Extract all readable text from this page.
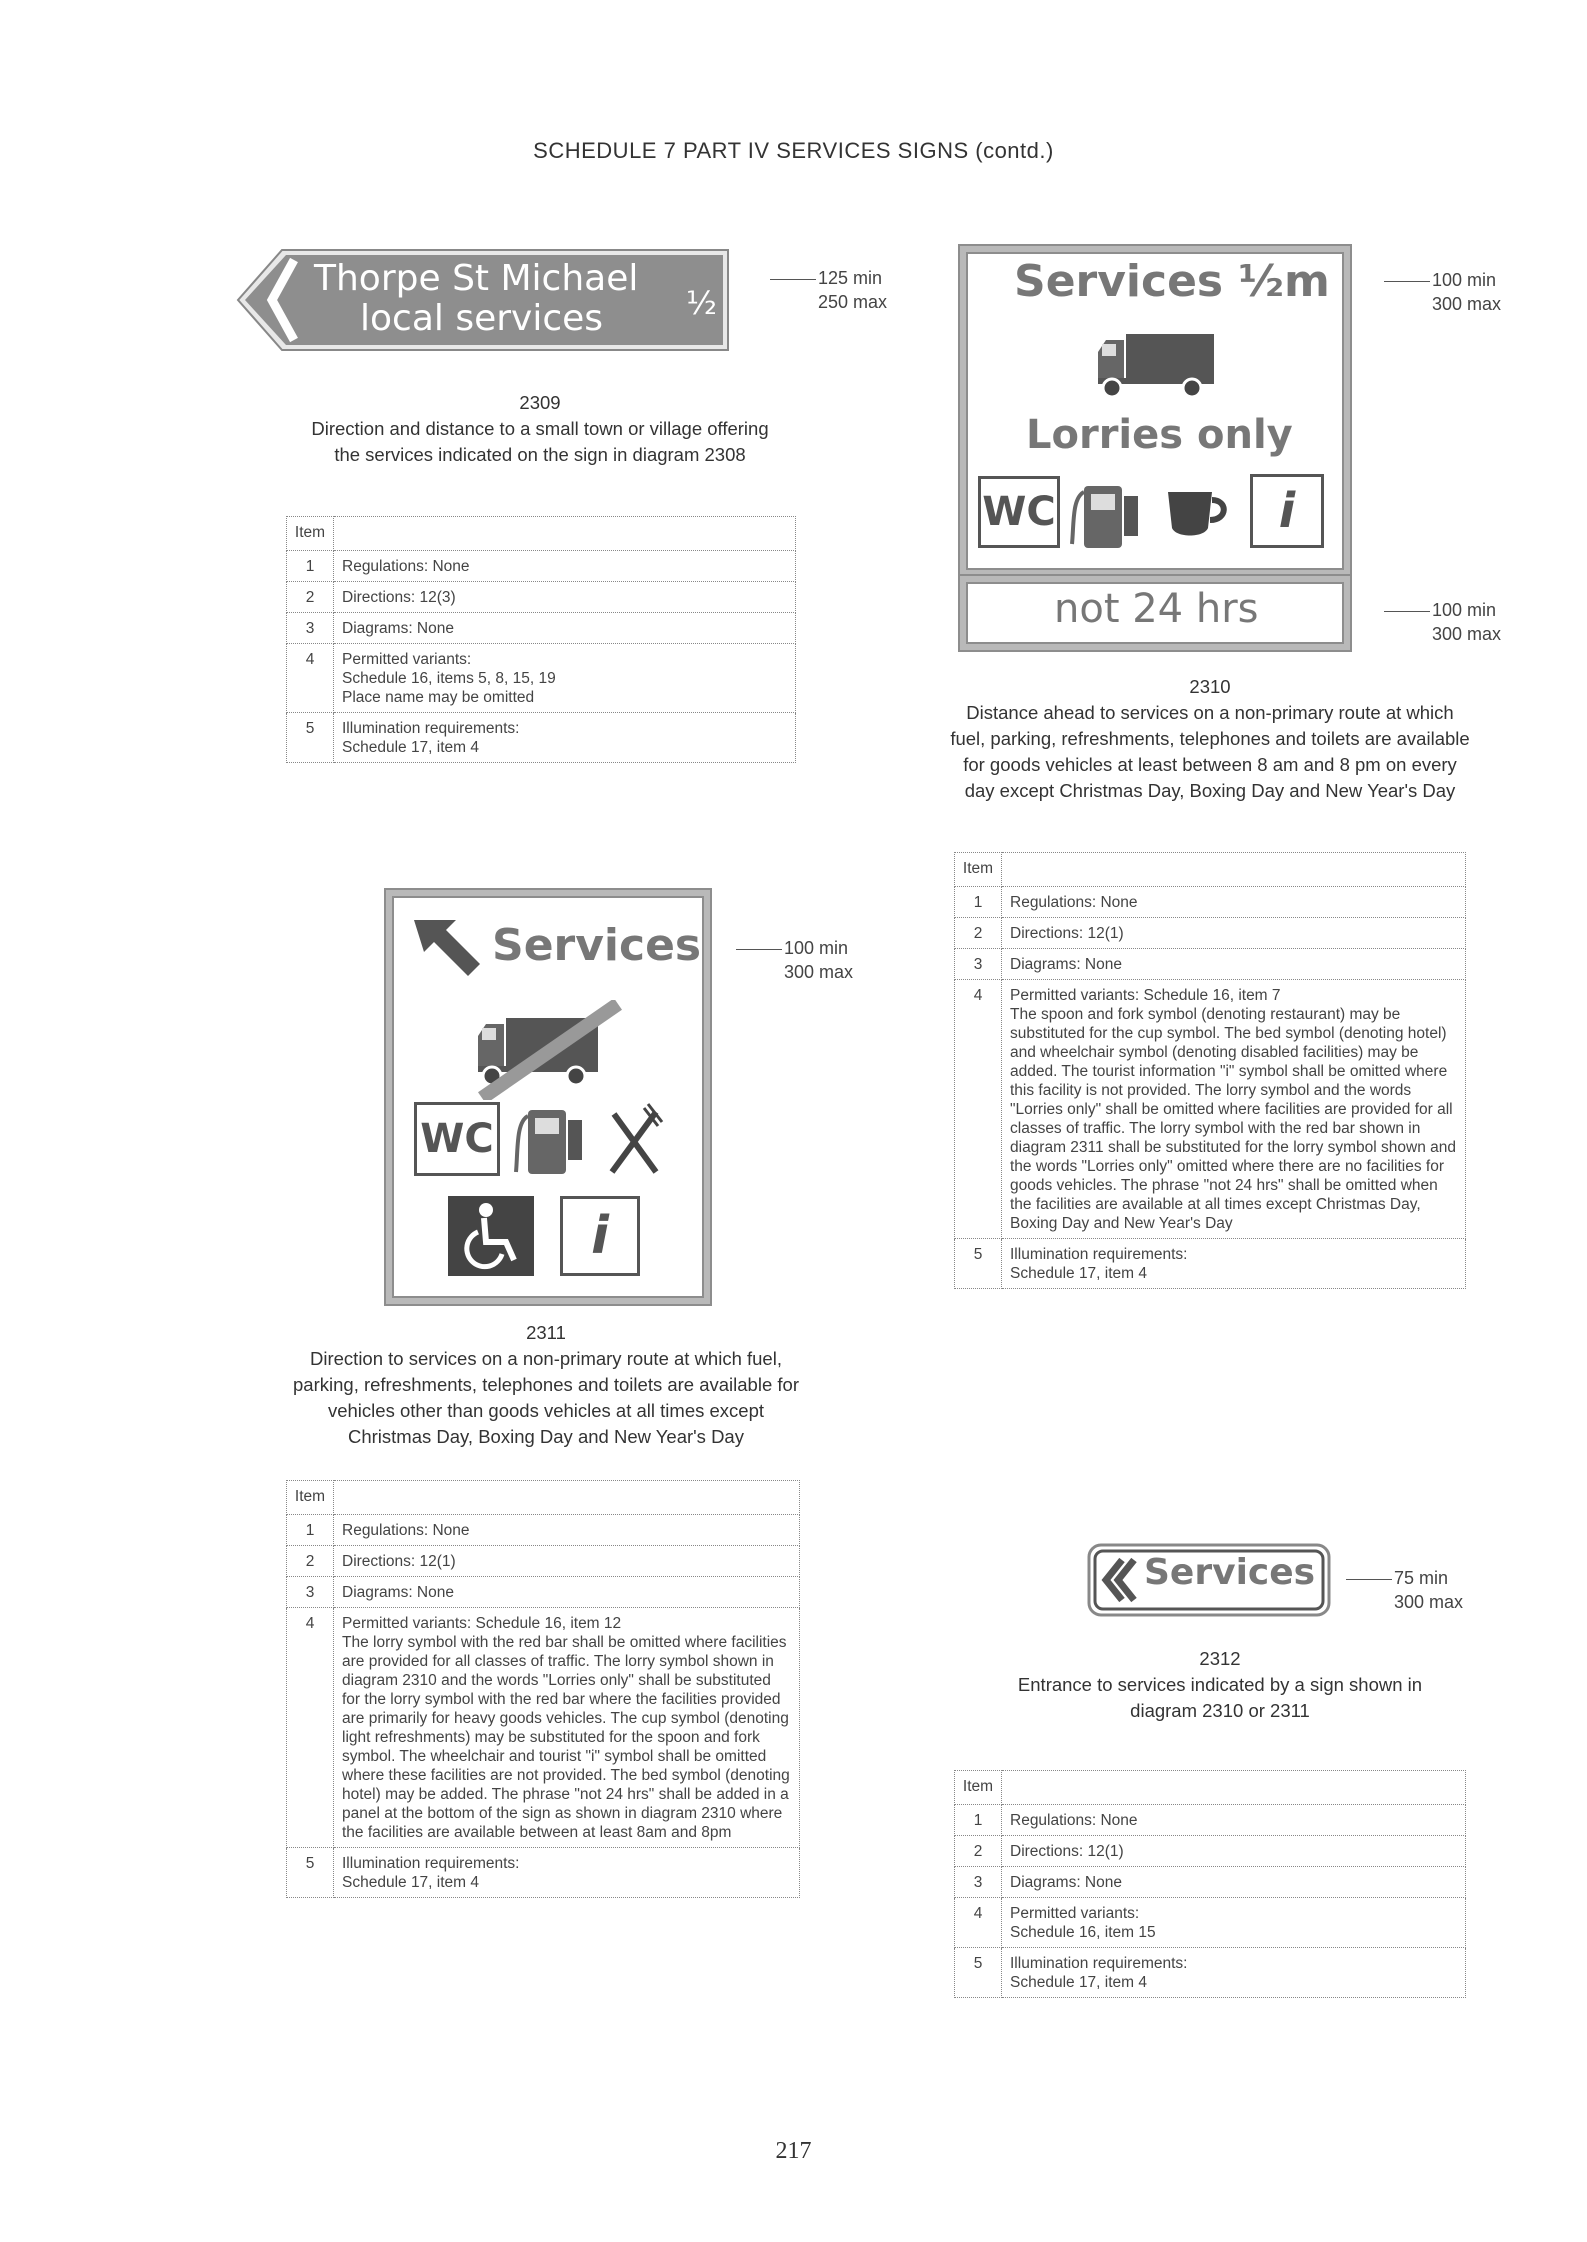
SCHEDULE 7 PART IV SERVICES SIGNS (contd.)
Thorpe St Michael
local services	½
125 min
250 max
2309
Direction and distance to a small town or village offering the services indicated on the sign in diagram 2308
Item	
1	Regulations: None
2	Directions: 12(3)
3	Diagrams: None
4	Permitted variants:
Schedule 16, items 5, 8, 15, 19
Place name may be omitted
5	Illumination requirements:
Schedule 17, item 4
Services ½m
Lorries only
WC	i
not 24 hrs
100 min
300 max
100 min
300 max
2310
Distance ahead to services on a non-primary route at which fuel, parking, refreshments, telephones and toilets are available for goods vehicles at least between 8 am and 8 pm on every day except Christmas Day, Boxing Day and New Year's Day
Item	
1	Regulations: None
2	Directions: 12(1)
3	Diagrams: None
4	Permitted variants: Schedule 16, item 7
The spoon and fork symbol (denoting restaurant) may be substituted for the cup symbol. The bed symbol (denoting hotel) and wheelchair symbol (denoting disabled facilities) may be added. The tourist information "i" symbol shall be omitted where this facility is not provided. The lorry symbol and the words "Lorries only" shall be omitted where facilities are provided for all classes of traffic. The lorry symbol with the red bar shown in diagram 2311 shall be substituted for the lorry symbol shown and the words "Lorries only" omitted where there are no facilities for goods vehicles. The phrase "not 24 hrs" shall be omitted when the facilities are available at all times except Christmas Day, Boxing Day and New Year's Day
5	Illumination requirements:
Schedule 17, item 4
Services
WC
i
100 min
300 max
2311
Direction to services on a non-primary route at which fuel, parking, refreshments, telephones and toilets are available for vehicles other than goods vehicles at all times except Christmas Day, Boxing Day and New Year's Day
Item	
1	Regulations: None
2	Directions: 12(1)
3	Diagrams: None
4	Permitted variants: Schedule 16, item 12
The lorry symbol with the red bar shall be omitted where facilities are provided for all classes of traffic. The lorry symbol shown in diagram 2310 and the words "Lorries only" shall be substituted for the lorry symbol with the red bar where the facilities provided are primarily for heavy goods vehicles. The cup symbol (denoting light refreshments) may be substituted for the spoon and fork symbol. The wheelchair and tourist "i" symbol shall be omitted where these facilities are not provided. The bed symbol (denoting hotel) may be added. The phrase "not 24 hrs" shall be added in a panel at the bottom of the sign as shown in diagram 2310 where the facilities are available between at least 8am and 8pm
5	Illumination requirements:
Schedule 17, item 4
Services	75 min
300 max
2312
Entrance to services indicated by a sign shown in diagram 2310 or 2311
Item	
1	Regulations: None
2	Directions: 12(1)
3	Diagrams: None
4	Permitted variants:
Schedule 16, item 15
5	Illumination requirements:
Schedule 17, item 4
217
